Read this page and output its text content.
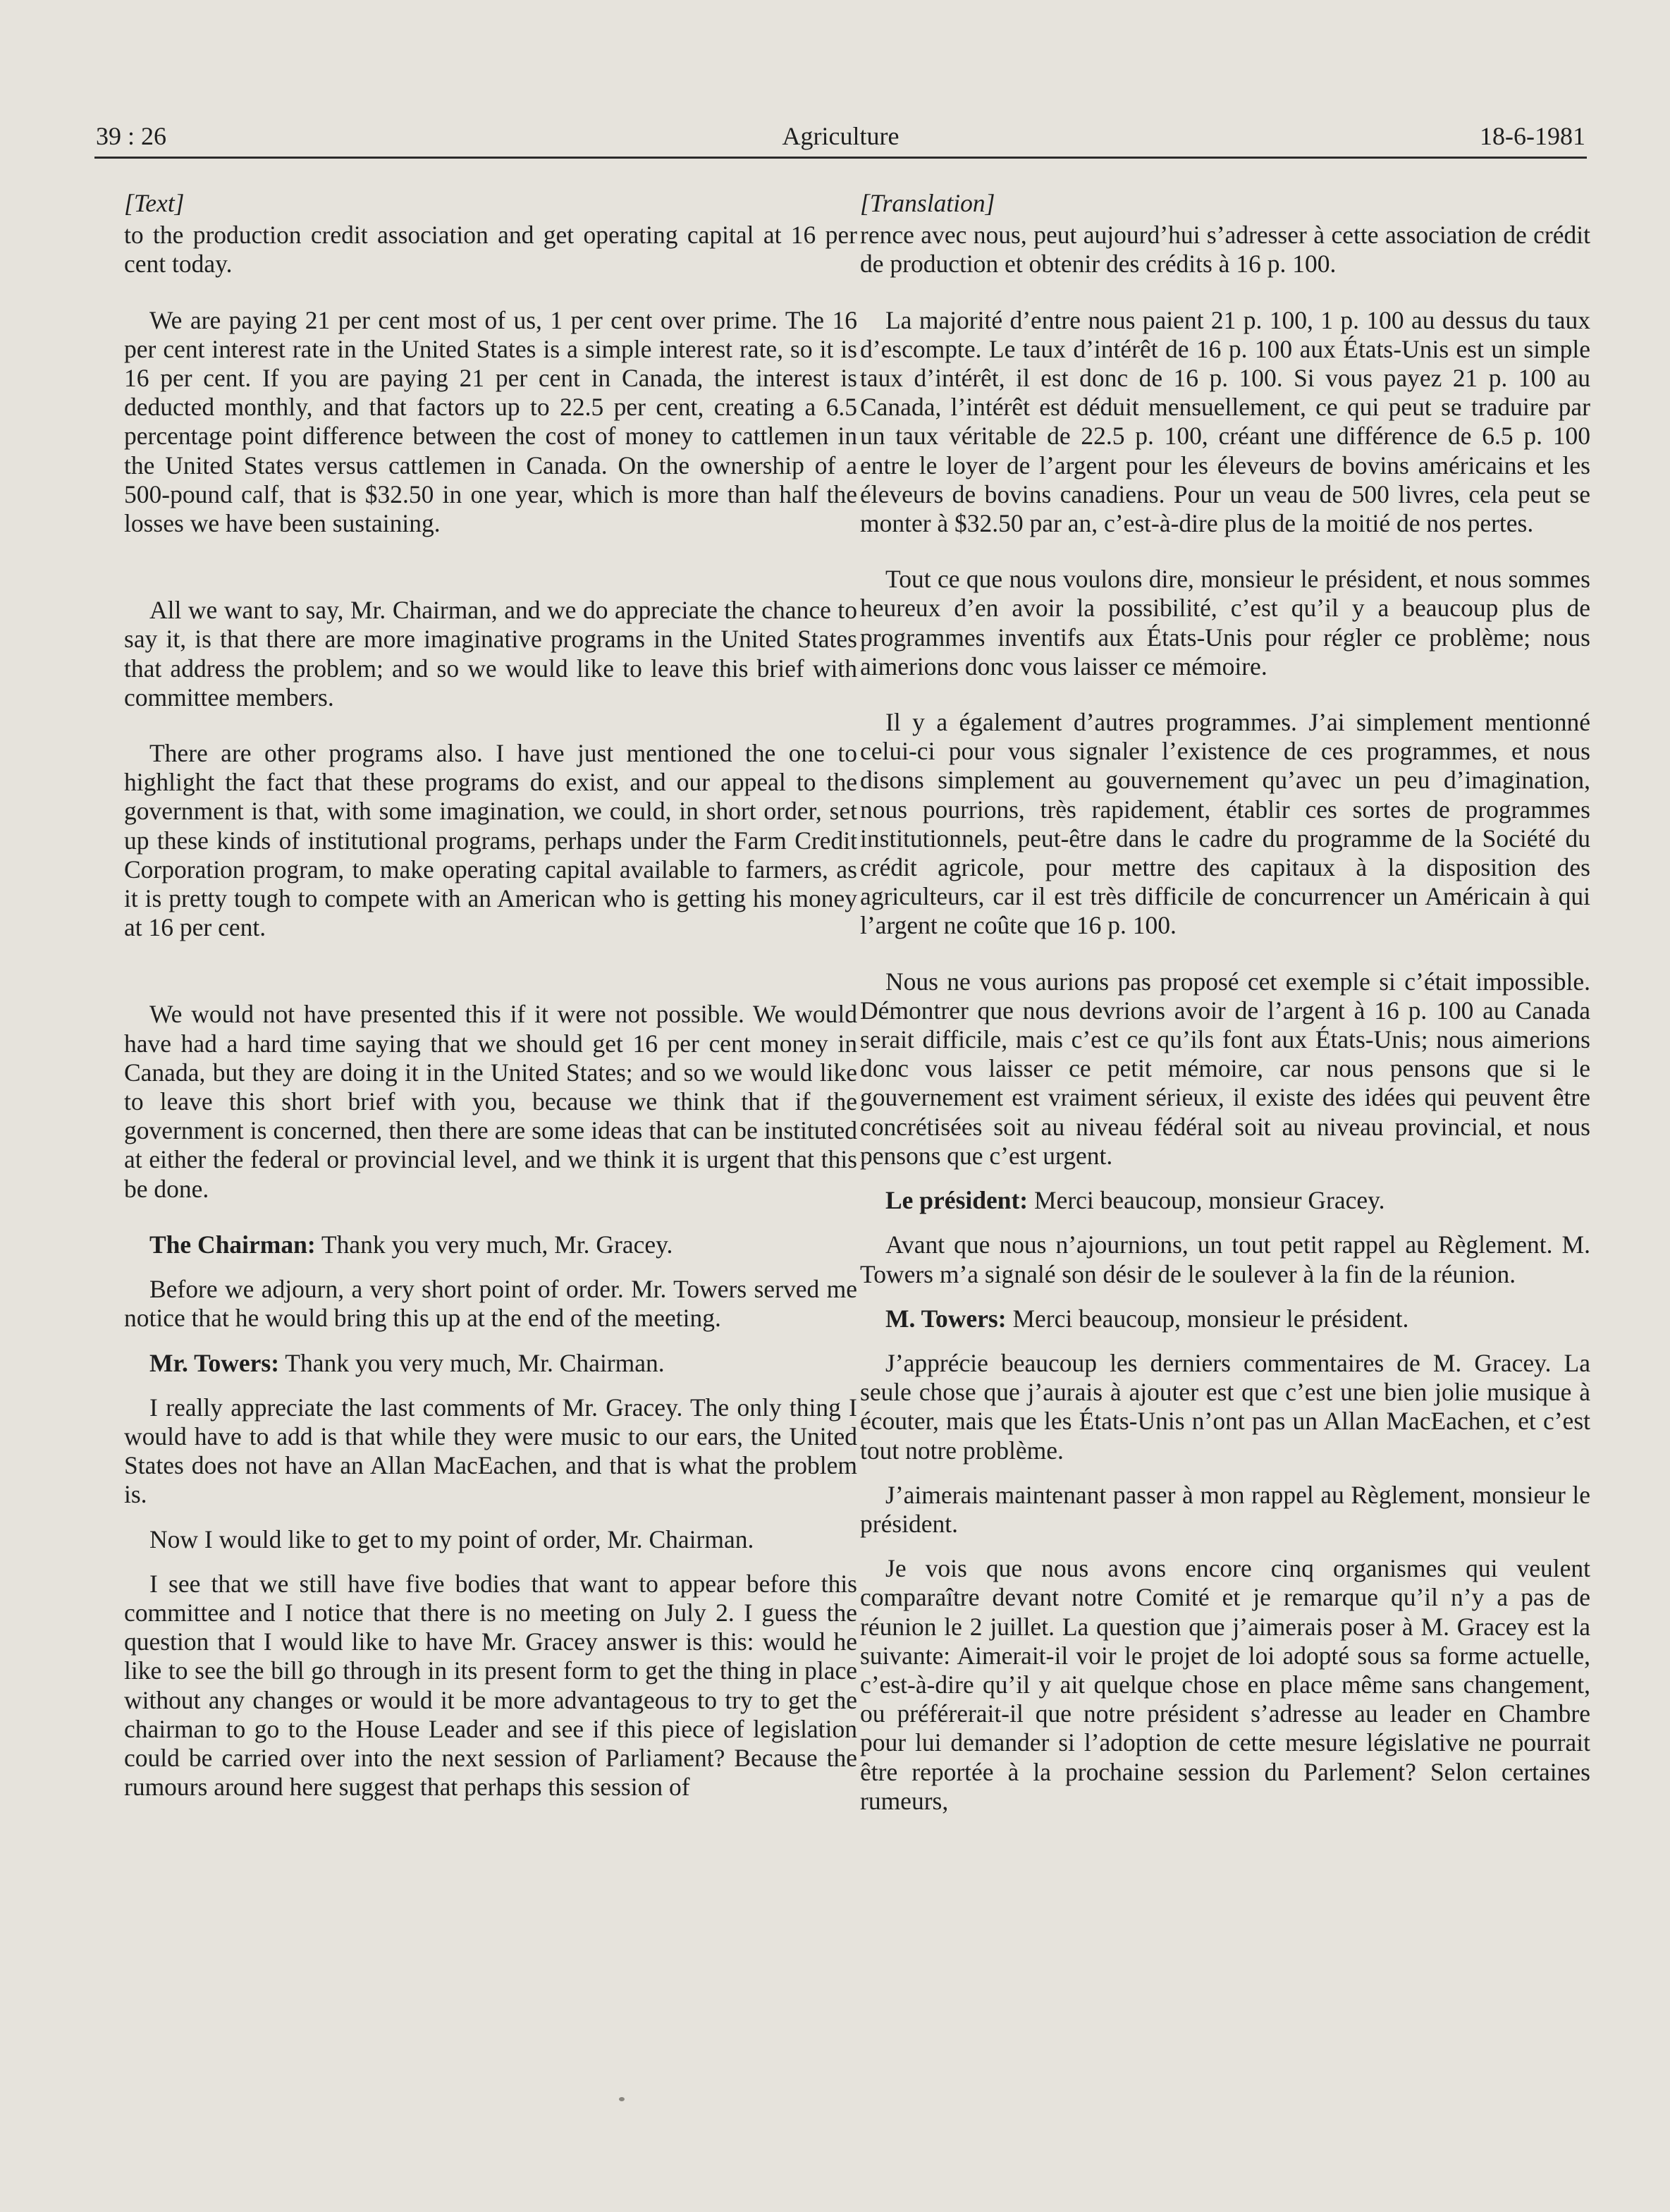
39 : 26	Agriculture	18-6-1981
[Text]

to the production credit association and get operating capital at 16 per cent today.

We are paying 21 per cent most of us, 1 per cent over prime. The 16 per cent interest rate in the United States is a simple interest rate, so it is 16 per cent. If you are paying 21 per cent in Canada, the interest is deducted monthly, and that factors up to 22.5 per cent, creating a 6.5 percentage point difference between the cost of money to cattlemen in the United States versus cattlemen in Canada. On the ownership of a 500-pound calf, that is $32.50 in one year, which is more than half the losses we have been sustaining.

All we want to say, Mr. Chairman, and we do appreciate the chance to say it, is that there are more imaginative programs in the United States that address the problem; and so we would like to leave this brief with committee members.

There are other programs also. I have just mentioned the one to highlight the fact that these programs do exist, and our appeal to the government is that, with some imagination, we could, in short order, set up these kinds of institutional programs, perhaps under the Farm Credit Corporation program, to make operating capital available to farmers, as it is pretty tough to compete with an American who is getting his money at 16 per cent.

We would not have presented this if it were not possible. We would have had a hard time saying that we should get 16 per cent money in Canada, but they are doing it in the United States; and so we would like to leave this short brief with you, because we think that if the government is concerned, then there are some ideas that can be instituted at either the federal or provincial level, and we think it is urgent that this be done.

The Chairman: Thank you very much, Mr. Gracey.

Before we adjourn, a very short point of order. Mr. Towers served me notice that he would bring this up at the end of the meeting.

Mr. Towers: Thank you very much, Mr. Chairman.

I really appreciate the last comments of Mr. Gracey. The only thing I would have to add is that while they were music to our ears, the United States does not have an Allan MacEachen, and that is what the problem is.

Now I would like to get to my point of order, Mr. Chairman.

I see that we still have five bodies that want to appear before this committee and I notice that there is no meeting on July 2. I guess the question that I would like to have Mr. Gracey answer is this: would he like to see the bill go through in its present form to get the thing in place without any changes or would it be more advantageous to try to get the chairman to go to the House Leader and see if this piece of legislation could be carried over into the next session of Parliament? Because the rumours around here suggest that perhaps this session of

[Translation]

rence avec nous, peut aujourd’hui s’adresser à cette association de crédit de production et obtenir des crédits à 16 p. 100.

La majorité d’entre nous paient 21 p. 100, 1 p. 100 au dessus du taux d’escompte. Le taux d’intérêt de 16 p. 100 aux États-Unis est un simple taux d’intérêt, il est donc de 16 p. 100. Si vous payez 21 p. 100 au Canada, l’intérêt est déduit mensuellement, ce qui peut se traduire par un taux véritable de 22.5 p. 100, créant une différence de 6.5 p. 100 entre le loyer de l’argent pour les éleveurs de bovins américains et les éleveurs de bovins canadiens. Pour un veau de 500 livres, cela peut se monter à $32.50 par an, c’est-à-dire plus de la moitié de nos pertes.

Tout ce que nous voulons dire, monsieur le président, et nous sommes heureux d’en avoir la possibilité, c’est qu’il y a beaucoup plus de programmes inventifs aux États-Unis pour régler ce problème; nous aimerions donc vous laisser ce mémoire.

Il y a également d’autres programmes. J’ai simplement mentionné celui-ci pour vous signaler l’existence de ces programmes, et nous disons simplement au gouvernement qu’avec un peu d’imagination, nous pourrions, très rapidement, établir ces sortes de programmes institutionnels, peut-être dans le cadre du programme de la Société du crédit agricole, pour mettre des capitaux à la disposition des agriculteurs, car il est très difficile de concurrencer un Américain à qui l’argent ne coûte que 16 p. 100.

Nous ne vous aurions pas proposé cet exemple si c’était impossible. Démontrer que nous devrions avoir de l’argent à 16 p. 100 au Canada serait difficile, mais c’est ce qu’ils font aux États-Unis; nous aimerions donc vous laisser ce petit mémoire, car nous pensons que si le gouvernement est vraiment sérieux, il existe des idées qui peuvent être concrétisées soit au niveau fédéral soit au niveau provincial, et nous pensons que c’est urgent.

Le président: Merci beaucoup, monsieur Gracey.

Avant que nous n’ajournions, un tout petit rappel au Règlement. M. Towers m’a signalé son désir de le soulever à la fin de la réunion.

M. Towers: Merci beaucoup, monsieur le président.

J’apprécie beaucoup les derniers commentaires de M. Gracey. La seule chose que j’aurais à ajouter est que c’est une bien jolie musique à écouter, mais que les États-Unis n’ont pas un Allan MacEachen, et c’est tout notre problème.

J’aimerais maintenant passer à mon rappel au Règlement, monsieur le président.

Je vois que nous avons encore cinq organismes qui veulent comparaître devant notre Comité et je remarque qu’il n’y a pas de réunion le 2 juillet. La question que j’aimerais poser à M. Gracey est la suivante: Aimerait-il voir le projet de loi adopté sous sa forme actuelle, c’est-à-dire qu’il y ait quelque chose en place même sans changement, ou préférerait-il que notre président s’adresse au leader en Chambre pour lui demander si l’adoption de cette mesure législative ne pourrait être reportée à la prochaine session du Parlement? Selon certaines rumeurs,
